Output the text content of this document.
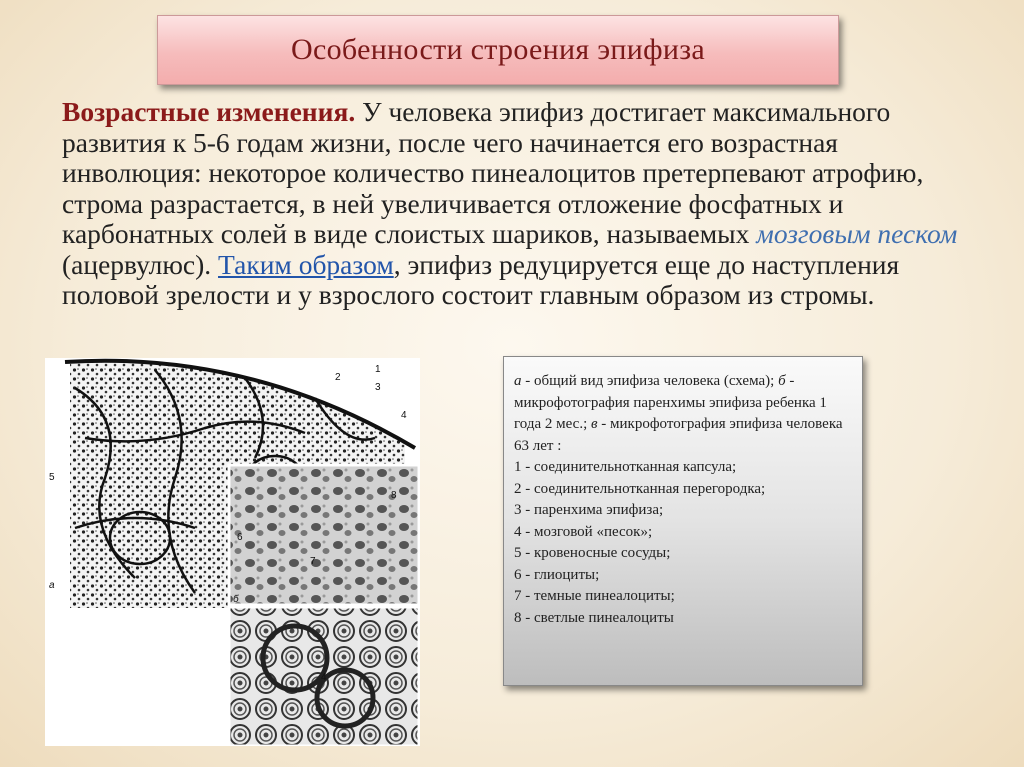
Особенности строения эпифиза
Возрастные изменения. У человека эпифиз достигает максимального развития к 5-6 годам жизни, после чего начинается его возрастная инволюция: некоторое количество пинеалоцитов претерпевают атрофию, строма разрастается, в ней увеличивается отложение фосфатных и карбонатных солей в виде слоистых шариков, называемых мозговым песком (ацервулюс). Таким образом, эпифиз редуцируется еще до наступления половой зрелости и у взрослого состоит главным образом из стромы.
1
2
3
4
5
6
7
8
4
а
б

а - общий вид эпифиза человека (схема); б - микрофотография паренхимы эпифиза ребенка 1 года 2 мес.; в - микрофотография эпифиза человека 63 лет :

1 - соединительнотканная капсула;

2 - соединительнотканная перегородка;

3 - паренхима эпифиза;

4 - мозговой «песок»;

5 - кровеносные сосуды;

6 - глиоциты;

7 - темные пинеалоциты;

8 - светлые пинеалоциты
